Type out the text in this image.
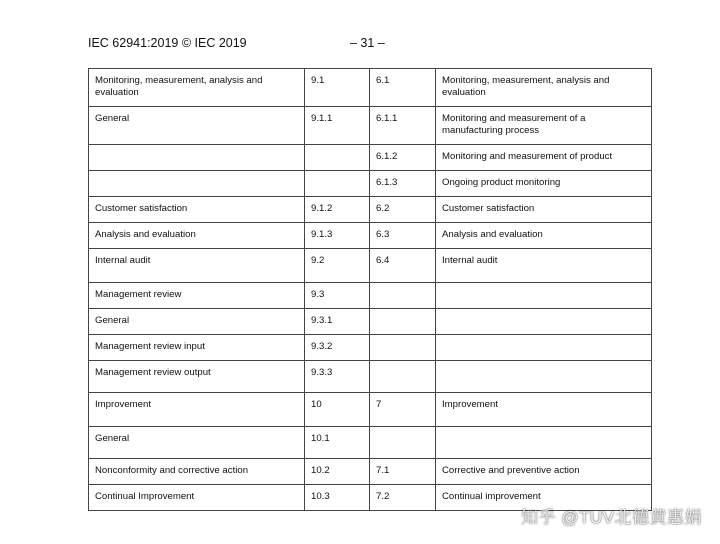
IEC 62941:2019 © IEC 2019	– 31 –
Monitoring, measurement, analysis and evaluation	9.1	6.1	Monitoring, measurement, analysis and evaluation
General	9.1.1	6.1.1	Monitoring and measurement of a manufacturing process
		6.1.2	Monitoring and measurement of product
		6.1.3	Ongoing product monitoring
Customer satisfaction	9.1.2	6.2	Customer satisfaction
Analysis and evaluation	9.1.3	6.3	Analysis and evaluation
Internal audit	9.2	6.4	Internal audit
Management review	9.3		
General	9.3.1		
Management review input	9.3.2		
Management review output	9.3.3		
Improvement	10	7	Improvement
General	10.1		
Nonconformity and corrective action	10.2	7.1	Corrective and preventive action
Continual Improvement	10.3	7.2	Continual improvement
知乎 @TUV北德黄惠娟
